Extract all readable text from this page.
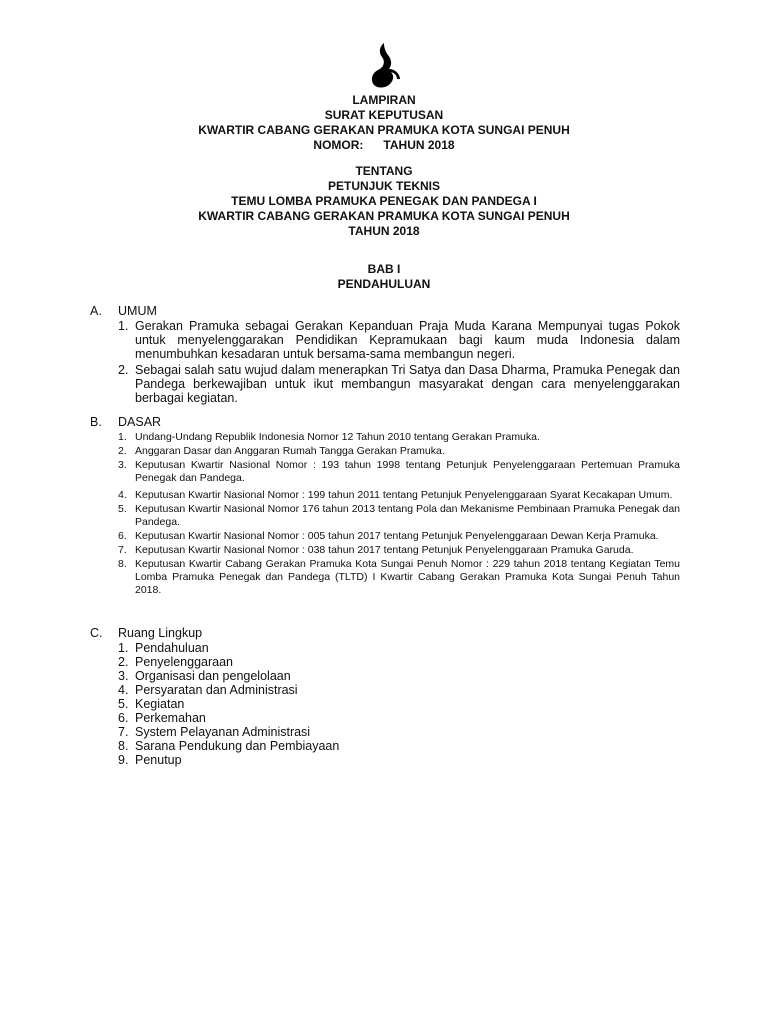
LAMPIRAN
SURAT KEPUTUSAN
KWARTIR CABANG GERAKAN PRAMUKA KOTA SUNGAI PENUH
NOMOR:      TAHUN 2018
TENTANG
PETUNJUK TEKNIS
TEMU LOMBA PRAMUKA PENEGAK DAN PANDEGA I
KWARTIR CABANG GERAKAN PRAMUKA KOTA SUNGAI PENUH
TAHUN 2018
BAB I
PENDAHULUAN
A. UMUM
1. Gerakan Pramuka sebagai Gerakan Kepanduan Praja Muda Karana Mempunyai tugas Pokok untuk menyelenggarakan Pendidikan Kepramukaan bagi kaum muda Indonesia dalam menumbuhkan kesadaran untuk bersama-sama membangun negeri.
2. Sebagai salah satu wujud dalam menerapkan Tri Satya dan Dasa Dharma, Pramuka Penegak dan Pandega berkewajiban untuk ikut membangun masyarakat dengan cara menyelenggarakan berbagai kegiatan.
B. DASAR
1. Undang-Undang Republik Indonesia Nomor 12 Tahun 2010 tentang Gerakan Pramuka.
2. Anggaran Dasar dan Anggaran Rumah Tangga Gerakan Pramuka.
3. Keputusan Kwartir Nasional Nomor : 193 tahun 1998 tentang Petunjuk Penyelenggaraan Pertemuan Pramuka Penegak dan Pandega.
4. Keputusan Kwartir Nasional Nomor : 199 tahun 2011 tentang Petunjuk Penyelenggaraan Syarat Kecakapan Umum.
5. Keputusan Kwartir Nasional Nomor 176 tahun 2013 tentang Pola dan Mekanisme Pembinaan Pramuka Penegak dan Pandega.
6. Keputusan Kwartir Nasional Nomor : 005 tahun 2017 tentang Petunjuk Penyelenggaraan Dewan Kerja Pramuka.
7. Keputusan Kwartir Nasional Nomor : 038 tahun 2017 tentang Petunjuk Penyelenggaraan Pramuka Garuda.
8. Keputusan Kwartir Cabang Gerakan Pramuka Kota Sungai Penuh Nomor : 229 tahun 2018 tentang Kegiatan Temu Lomba Pramuka Penegak dan Pandega (TLTD) I Kwartir Cabang Gerakan Pramuka Kota Sungai Penuh Tahun 2018.
C. Ruang Lingkup
1. Pendahuluan
2. Penyelenggaraan
3. Organisasi dan pengelolaan
4. Persyaratan dan Administrasi
5. Kegiatan
6. Perkemahan
7. System Pelayanan Administrasi
8. Sarana Pendukung dan Pembiayaan
9. Penutup
